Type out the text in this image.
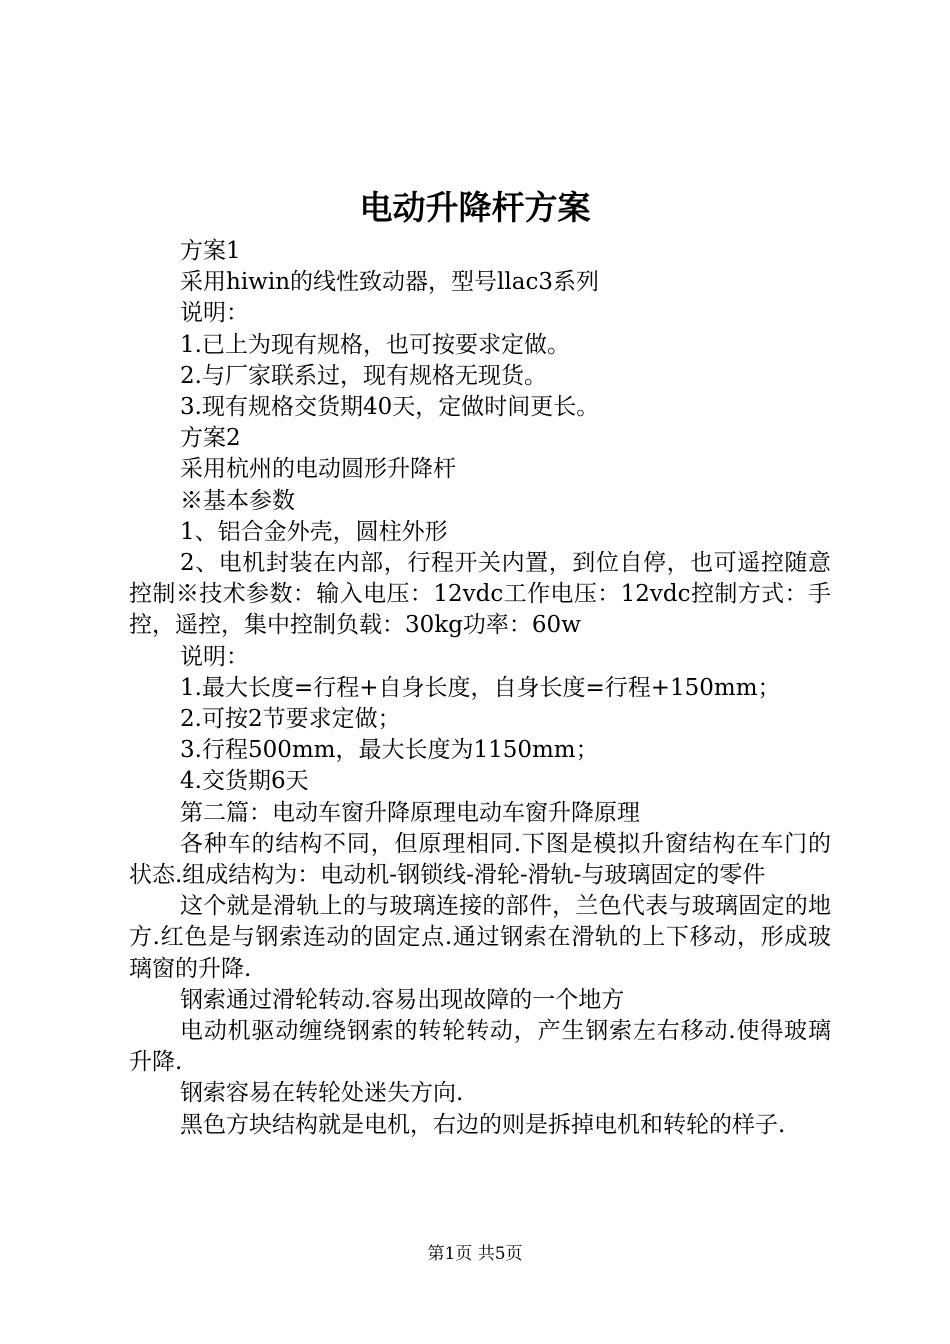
电动升降杆方案

方案1

采用hiwin的线性致动器，型号llac3系列

说明：

1.已上为现有规格，也可按要求定做。

2.与厂家联系过，现有规格无现货。

3.现有规格交货期40天，定做时间更长。

方案2

采用杭州的电动圆形升降杆

※基本参数

1、铝合金外壳，圆柱外形

2、电机封装在内部，行程开关内置，到位自停，也可遥控随意控制※技术参数：输入电压：12vdc工作电压：12vdc控制方式：手控，遥控，集中控制负载：30kg功率：60w

说明：

1.最大长度=行程+自身长度，自身长度=行程+150mm；

2.可按2节要求定做；

3.行程500mm，最大长度为1150mm；

4.交货期6天

第二篇：电动车窗升降原理电动车窗升降原理

各种车的结构不同，但原理相同.下图是模拟升窗结构在车门的状态.组成结构为：电动机-钢锁线-滑轮-滑轨-与玻璃固定的零件

这个就是滑轨上的与玻璃连接的部件，兰色代表与玻璃固定的地方.红色是与钢索连动的固定点.通过钢索在滑轨的上下移动，形成玻璃窗的升降.

钢索通过滑轮转动.容易出现故障的一个地方

电动机驱动缠绕钢索的转轮转动，产生钢索左右移动.使得玻璃升降.

钢索容易在转轮处迷失方向.

黑色方块结构就是电机，右边的则是拆掉电机和转轮的样子.

第1页 共5页
